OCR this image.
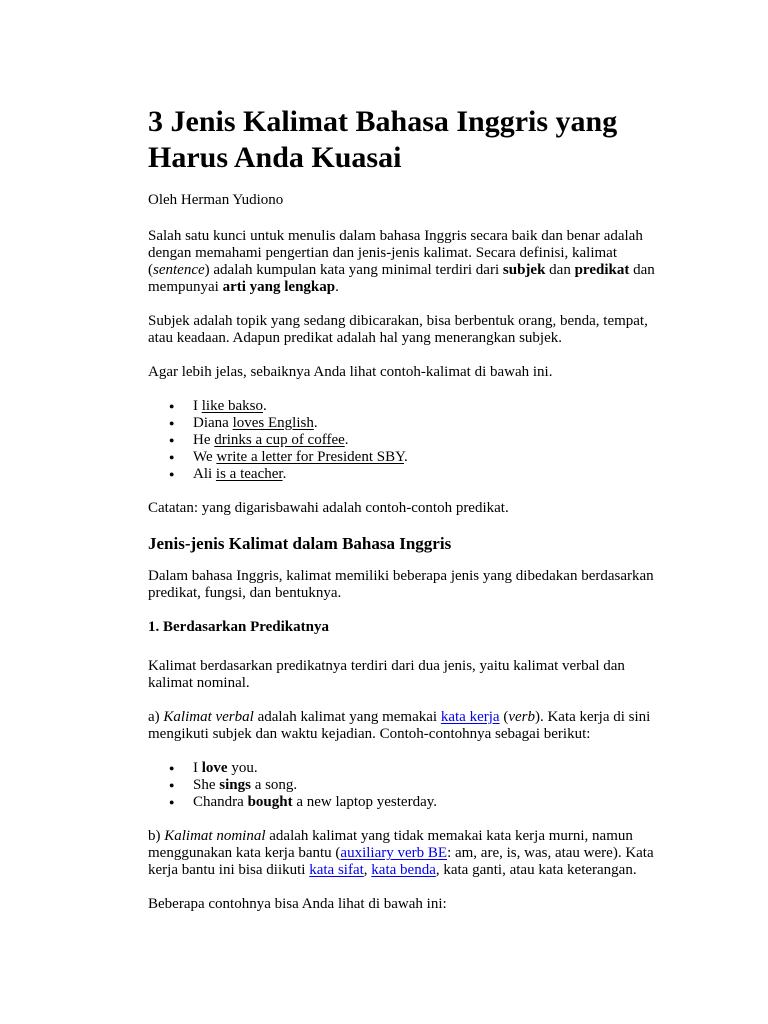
3 Jenis Kalimat Bahasa Inggris yang Harus Anda Kuasai

Oleh Herman Yudiono

Salah satu kunci untuk menulis dalam bahasa Inggris secara baik dan benar adalah dengan memahami pengertian dan jenis-jenis kalimat. Secara definisi, kalimat (sentence) adalah kumpulan kata yang minimal terdiri dari subjek dan predikat dan mempunyai arti yang lengkap.

Subjek adalah topik yang sedang dibicarakan, bisa berbentuk orang, benda, tempat, atau keadaan. Adapun predikat adalah hal yang menerangkan subjek.

Agar lebih jelas, sebaiknya Anda lihat contoh-kalimat di bawah ini.

● I like bakso.
● Diana loves English.
● He drinks a cup of coffee.
● We write a letter for President SBY.
● Ali is a teacher.

Catatan: yang digarisbawahi adalah contoh-contoh predikat.

Jenis-jenis Kalimat dalam Bahasa Inggris

Dalam bahasa Inggris, kalimat memiliki beberapa jenis yang dibedakan berdasarkan predikat, fungsi, dan bentuknya.

1. Berdasarkan Predikatnya

Kalimat berdasarkan predikatnya terdiri dari dua jenis, yaitu kalimat verbal dan kalimat nominal.

a) Kalimat verbal adalah kalimat yang memakai kata kerja (verb). Kata kerja di sini mengikuti subjek dan waktu kejadian. Contoh-contohnya sebagai berikut:

● I love you.
● She sings a song.
● Chandra bought a new laptop yesterday.

b) Kalimat nominal adalah kalimat yang tidak memakai kata kerja murni, namun menggunakan kata kerja bantu (auxiliary verb BE: am, are, is, was, atau were). Kata kerja bantu ini bisa diikuti kata sifat, kata benda, kata ganti, atau kata keterangan.

Beberapa contohnya bisa Anda lihat di bawah ini:
